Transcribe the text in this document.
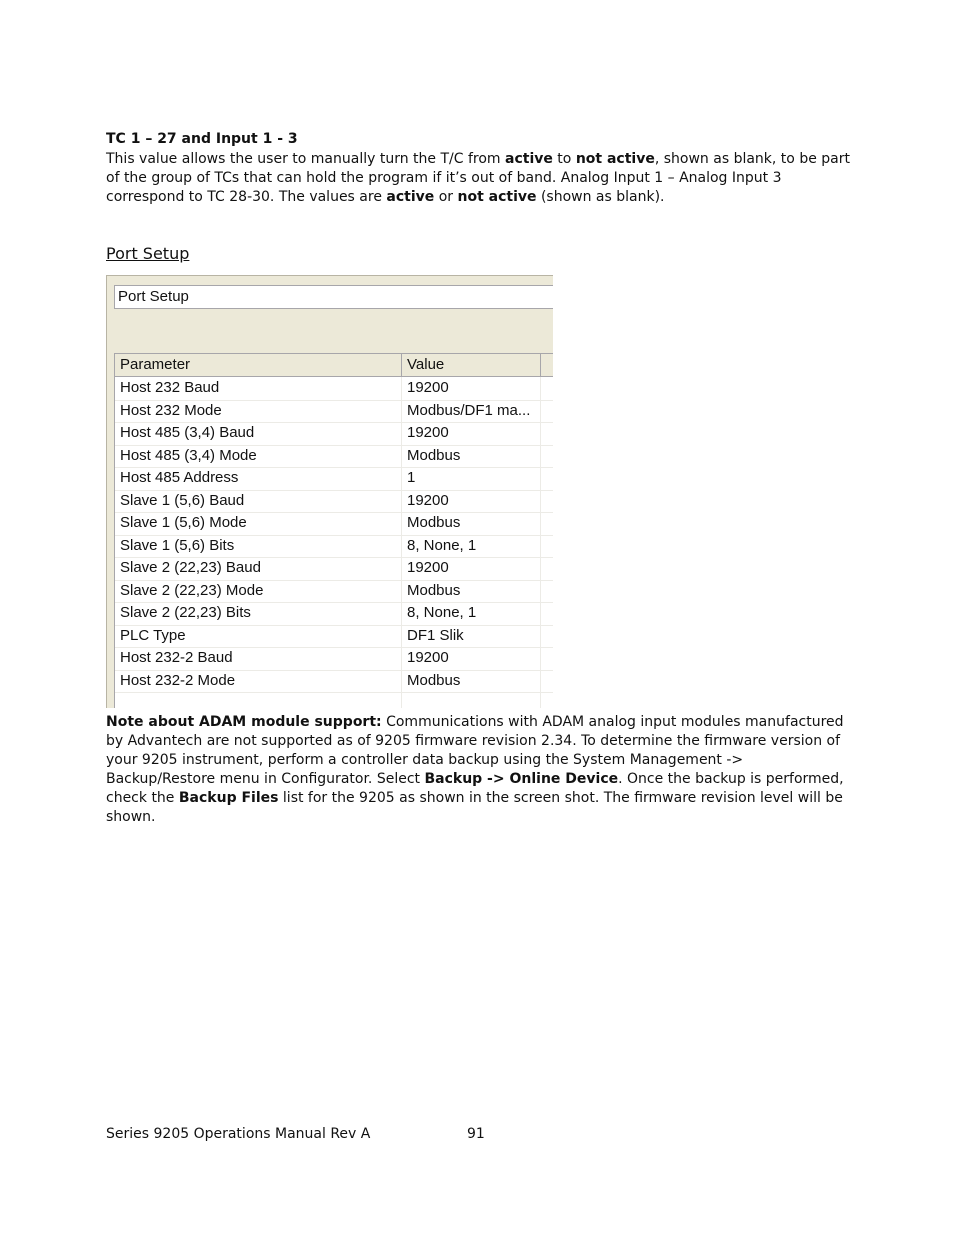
TC 1 – 27 and Input 1 - 3
This value allows the user to manually turn the T/C from active to not active, shown as blank, to be part of the group of TCs that can hold the program if it’s out of band. Analog Input 1 – Analog Input 3 correspond to TC 28-30. The values are active or not active (shown as blank).
Port Setup
Port Setup
Parameter	Value
Host 232 Baud	19200
Host 232 Mode	Modbus/DF1 ma...
Host 485 (3,4) Baud	19200
Host 485 (3,4) Mode	Modbus
Host 485 Address	1
Slave 1 (5,6) Baud	19200
Slave 1 (5,6) Mode	Modbus
Slave 1 (5,6) Bits	8, None, 1
Slave 2 (22,23) Baud	19200
Slave 2 (22,23) Mode	Modbus
Slave 2 (22,23) Bits	8, None, 1
PLC Type	DF1 Slik
Host 232-2 Baud	19200
Host 232-2 Mode	Modbus
Note about ADAM module support: Communications with ADAM analog input modules manufactured by Advantech are not supported as of 9205 firmware revision 2.34. To determine the firmware version of your 9205 instrument, perform a controller data backup using the System Management -> Backup/Restore menu in Configurator. Select Backup -> Online Device. Once the backup is performed, check the Backup Files list for the 9205 as shown in the screen shot. The firmware revision level will be shown.
Series 9205 Operations Manual Rev A	91
